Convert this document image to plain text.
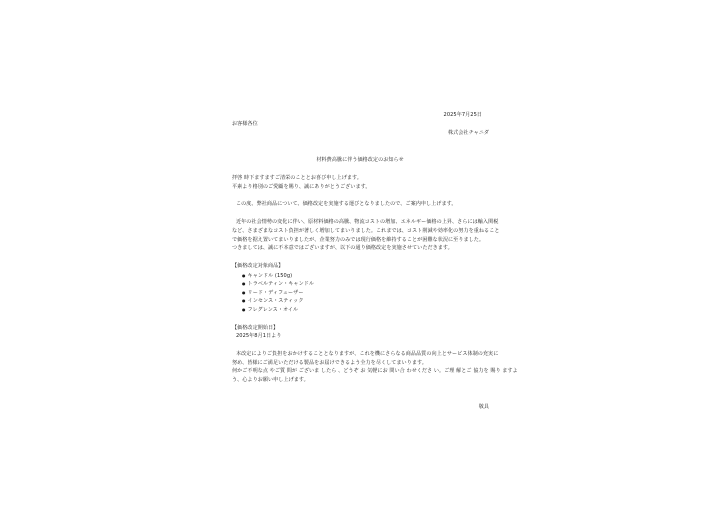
2025年7月25日
お客様各位
株式会社チャニダ
材料費高騰に伴う価格改定のお知らせ
拝啓 時下ますますご清栄のこととお喜び申し上げます。
平素より格別のご愛顧を賜り、誠にありがとうございます。
この度、弊社商品について、価格改定を実施する運びとなりましたので、ご案内申し上げます。
近年の社会情勢の変化に伴い、原材料価格の高騰、物流コストの増加、エネルギー価格の上昇、さらには輸入関税
など、さまざまなコスト負担が著しく増加してまいりました。これまでは、コスト削減や効率化の努力を重ねること
で価格を据え置いてまいりましたが、企業努力のみでは現行価格を維持することが困難な状況に至りました。
つきましては、誠に不本意ではございますが、以下の通り価格改定を実施させていただきます。
【価格改定対象商品】
● キャンドル (150g)
● トラベルティン・キャンドル
● リード・ディフューザー
● インセンス・スティック
● フレグレンス・オイル
【価格改定開始日】
2025年8月1日より
本改定によりご負担をおかけすることとなりますが、これを機にさらなる商品品質の向上とサービス体制の充実に
努め、皆様にご満足いただける製品をお届けできるよう全力を尽くしてまいります。
何かご不明な点 やご質 問が ございま したら 、どうぞ お 気軽にお 問い合 わせくださ い。ご理 解とご 協力を 賜り ますよ
う、心よりお願い申し上げます。
敬具
